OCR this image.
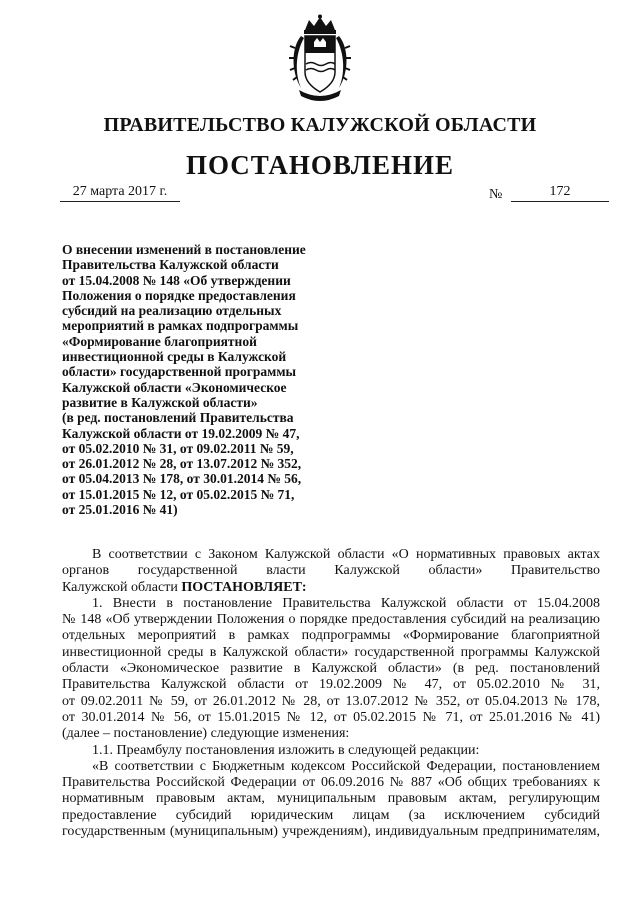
ПРАВИТЕЛЬСТВО КАЛУЖСКОЙ ОБЛАСТИ
ПОСТАНОВЛЕНИЕ
27 марта 2017 г.	№	172
О внесении изменений в постановление
Правительства Калужской области
от 15.04.2008 № 148 «Об утверждении
Положения о порядке предоставления
субсидий на реализацию отдельных
мероприятий в рамках подпрограммы
«Формирование благоприятной
инвестиционной среды в Калужской
области» государственной программы
Калужской области «Экономическое
развитие в Калужской области»
(в ред. постановлений Правительства
Калужской области от 19.02.2009 № 47,
от 05.02.2010 № 31, от 09.02.2011 № 59,
от 26.01.2012 № 28, от 13.07.2012 № 352,
от 05.04.2013 № 178, от 30.01.2014 № 56,
от 15.01.2015 № 12, от 05.02.2015 № 71,
от 25.01.2016 № 41)
В соответствии с Законом Калужской области «О нормативных правовых актах
органов государственной власти Калужской области» Правительство
Калужской области ПОСТАНОВЛЯЕТ:
1. Внести в постановление Правительства Калужской области от 15.04.2008
№ 148 «Об утверждении Положения о порядке предоставления субсидий на реализацию
отдельных мероприятий в рамках подпрограммы «Формирование благоприятной
инвестиционной среды в Калужской области» государственной программы Калужской
области «Экономическое развитие в Калужской области» (в ред. постановлений
Правительства Калужской области от 19.02.2009 № 47, от 05.02.2010 № 31,
от 09.02.2011 № 59, от 26.01.2012 № 28, от 13.07.2012 № 352, от 05.04.2013 № 178,
от 30.01.2014 № 56, от 15.01.2015 № 12, от 05.02.2015 № 71, от 25.01.2016 № 41)
(далее – постановление) следующие изменения:
1.1. Преамбулу постановления изложить в следующей редакции:
«В соответствии с Бюджетным кодексом Российской Федерации, постановлением
Правительства Российской Федерации от 06.09.2016 № 887 «Об общих требованиях к
нормативным правовым актам, муниципальным правовым актам, регулирующим
предоставление субсидий юридическим лицам (за исключением субсидий
государственным (муниципальным) учреждениям), индивидуальным предпринимателям,
